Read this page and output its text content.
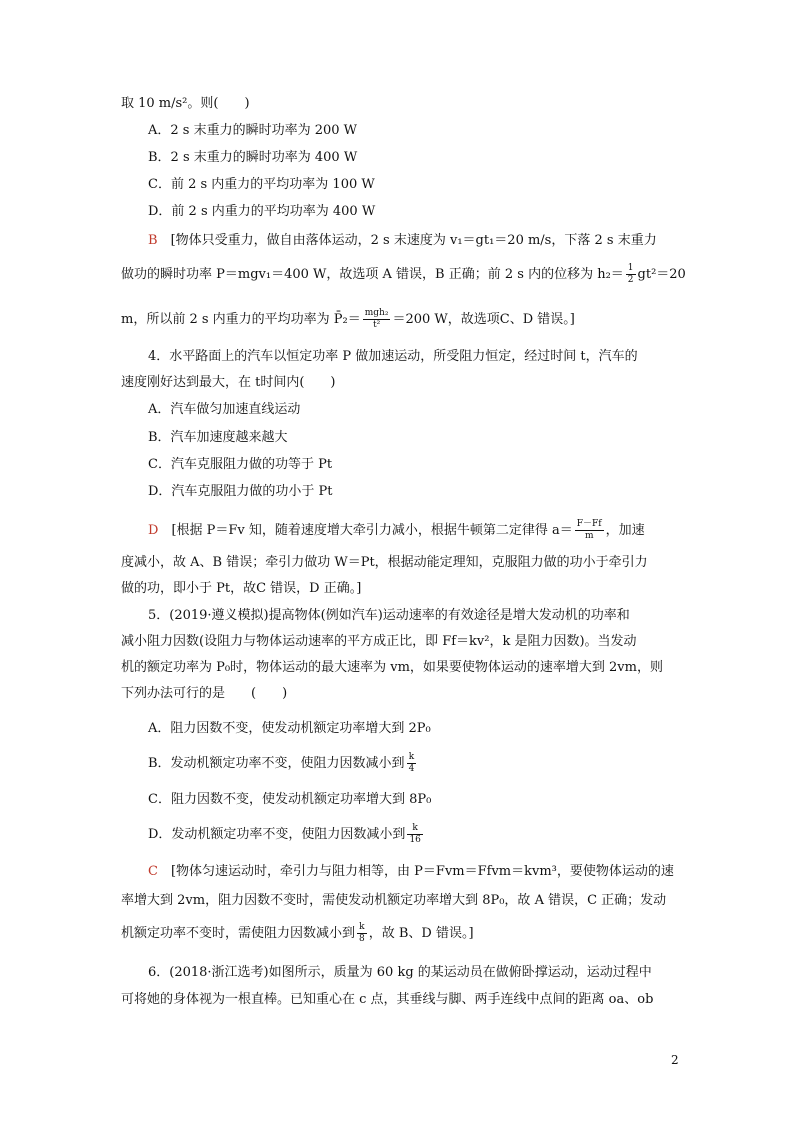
取 10 m/s²。则(　　)
A．2 s 末重力的瞬时功率为 200 W
B．2 s 末重力的瞬时功率为 400 W
C．前 2 s 内重力的平均功率为 100 W
D．前 2 s 内重力的平均功率为 400 W
B　 [物体只受重力，做自由落体运动，2 s 末速度为 v₁＝gt₁＝20 m/s，下落 2 s 末重力
做功的瞬时功率 P＝mgv₁＝400 W，故选项 A 错误，B 正确；前 2 s 内的位移为 $h_2= \frac{1}{2} gt^2=20$
m，所以前 2 s 内重力的平均功率为 P̄₂＝ $\frac{\text{mgh₂}}{\text{t²}} =200$ W，故选项C、D 错误。]
4．水平路面上的汽车以恒定功率 P 做加速运动，所受阻力恒定，经过时间 t，汽车的
速度刚好达到最大，在 t时间内(　　)
A．汽车做匀加速直线运动
B．汽车加速度越来越大
C．汽车克服阻力做的功等于 Pt
D．汽车克服阻力做的功小于 Pt
D　 [根据 P＝Fv 知，随着速度增大牵引力减小，根据牛顿第二定律得 $a= \frac{F-Ff}{m}$ ，加速
度减小，故 A、B 错误；牵引力做功 W＝Pt，根据动能定理知，克服阻力做的功小于牵引力
做的功，即小于 Pt，故C 错误，D 正确。]
5．(2019·遵义模拟)提高物体(例如汽车)运动速率的有效途径是增大发动机的功率和
减小阻力因数(设阻力与物体运动速率的平方成正比，即 Ff＝kv²，k 是阻力因数)。当发动
机的额定功率为 P₀时，物体运动的最大速率为 vm，如果要使物体运动的速率增大到 2vm，则
下列办法可行的是　　(　　)
A．阻力因数不变，使发动机额定功率增大到 2P₀
B．发动机额定功率不变，使阻力因数减小到 $\frac{k}{4}$
C．阻力因数不变，使发动机额定功率增大到 8P₀
D．发动机额定功率不变，使阻力因数减小到 $\frac{k}{16}$
C　 [物体匀速运动时，牵引力与阻力相等，由 P＝Fvm＝Ffvm＝kvm³，要使物体运动的速
率增大到 2vm，阻力因数不变时，需使发动机额定功率增大到 8P₀，故 A 错误，C 正确；发动
机额定功率不变时，需使阻力因数减小到 $\frac{k}{8}$ ，故 B、D 错误。]
6．(2018·浙江选考)如图所示，质量为 60 kg 的某运动员在做俯卧撑运动，运动过程中
可将她的身体视为一根直棒。已知重心在 c 点，其垂线与脚、两手连线中点间的距离 oa、ob
2
